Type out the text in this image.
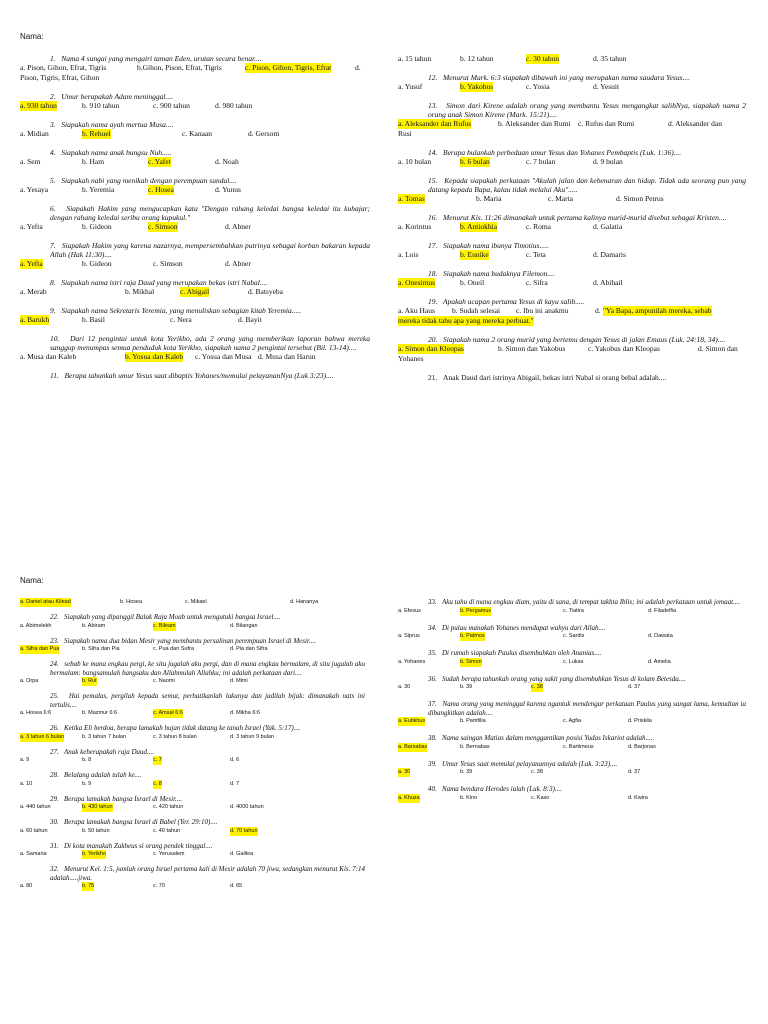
Nama:
1.   Nama 4 sungai yang mengairi taman Eden, urutan secara benar....
a. Pison, Gihon, Efrat, Tigris	b.Gihon, Pison, Efrat, Tigris	c. Pison, Gihon, Tigris, Efrat	d.
Pison, Tigris, Efrat, Gihon
2.   Umur berapakah Adam meninggal....
a. 930 tahun	b. 910 tahun	c. 900 tahun	d. 980 tahun
3.   Siapakah nama ayah mertua Musa....
a. Midian	b. Rehuel	c. Kanaan	d. Gersom
4.   Siapakah nama anak bungsu Nuh.....
a. Sem	b. Ham	c. Yafet	d. Noah
5.   Siapakah nabi yang menikah dengan perempuan sundal....
a. Yesaya	b. Yeremia	c. Hosea	d. Yunus
6.   Siapakah Hakim yang mengucapkan kata "Dengan rahang keledai bangsa keledai itu kuhajar; dengan rahang keledai seribu orang kupukul."
a. Yefta	b. Gideon	c. Simson	d. Abner
7.   Siapakah Hakim yang karena nazarnya, mempersembahkan putrinya sebagai korban bakaran kepada Allah (Hak 11:30)....
a. Yefta	b. Gideon	c. Simson	d. Abner
8.   Siapakah nama istri raja Daud yang merupakan bekas istri Nabal....
a. Merab	b. Mikhal	c. Abigail	d. Batsyeba
9.   Siapakah nama Sekretaris Yeremia, yang menuliskan sebagian kitab Yeremia.....
a. Barukh	b. Basil	c. Nera	d. Bayit
10.   Dari 12 pengintai untuk kota Yerikho, ada 2 orang yang memberikan laporan bahwa mereka sanggup menumpas semua penduduk kota Yerikho, siapakah nama 2 pengintai tersebut (Bil. 13-14)....
a. Musa dan Kaleb	b. Yosua dan Kaleb c. Yosua dan Musa d. Musa dan Harun
11.   Berapa tahunkah umur Yesus saat dibaptis Yohanes/memulai pelayananNya (Luk 3:23)....
a. 15 tahun	b. 12 tahun	c. 30 tahun	d. 35 tahun
12.   Menurut Mark. 6:3 siapakah dibawah ini yang merupakan nama saudara Yesus....
a. Yusuf	b. Yakobus	c. Yosia	d. Yesuit
13.   Simon dari Kirene adalah orang yang membantu Yesus mengangkat salibNya, siapakah nama 2 orang anak Simon Kirene (Mark. 15:21)....
a. Aleksander dan Rufus	b. Aleksander dan Rumi c. Rufus dan Rumi	d. Aleksander dan
Rusi
14.   Berapa bulankah perbedaan umur Yesus dan Yohanes Pembaptis (Luk. 1:36)....
a. 10 bulan	b. 6 bulan	c. 7 bulan	d. 9 bulan
15.   Kepada siapakah perkataan "Akulah jalan dan kebenaran dan hidup. Tidak ada seorang pun yang datang kepada Bapa, kalau tidak melalui Aku".....
a. Tomas	b. Maria	c. Marta	d. Simon Petrus
16.   Menurut Kis. 11:26 dimanakah untuk pertama kalinya murid-murid disebut sebagai Kristen....
a. Korintus	b. Antiokhia	c. Roma	d. Galatia
17.   Siapakah nama ibunya Timotius.....
a. Lois	b. Eunike	c. Teta	d. Damaris
18.   Siapakah nama budaknya Filemon....
a. Onesimus	b. Oneil	c. Sifra	d. Abihail
19.   Apakah ucapan pertama Yesus di kayu salib.....
a. Aku Haus b. Sudah selesai c. Ibu ini anakmu	d. "Ya Bapa, ampunilah mereka, sebab
mereka tidak tahu apa yang mereka perbuat."
20.   Siapakah nama 2 orang murid yang bertemu dengan Yesus di jalan Emaus (Luk. 24:18, 34)....
a. Simon dan Kleopas	b. Simon dan Yakobus	c. Yakobus dan Kleopas	d. Simon dan
Yohanes
21.   Anak Daud dari istrinya Abigail, bekas istri Nabal si orang bebal adalah....
Nama:
a. Daniel atau Kilead	b. Hosea	c. Mikael	d. Hananya
22.   Siapakah yang dipanggil Balak Raja Moab untuk mengutuki bangsa Israel....
a. Abimelekh	b. Abiram	c. Bileam	d. Bilangan
23.   Siapakah nama dua bidan Mesir yang membantu persalinan perempuan Israel di Mesir....
a. Sifra dan Pua	b. Sifra dan Pia	c. Pua dan Sufra	d. Pia dan Sifra
24.   sebab ke mana engkau pergi, ke situ jugalah aku pergi, dan di mana engkau bermalam, di situ jugalah aku bermalam: bangsamulah bangsaku dan Allahmulah Allahku; ini adalah perkataan dari....
a. Orpa	b. Rut	c. Naomi	d. Mimi
25.   Hai pemalas, pergilah kepada semut, perhatikanlah lakunya dan jadilah bijak: dimanakah nats ini tertulis....
a. Hosea 6:6	b. Mazmur 6:6	c. Amsal 6:6	d. Mikha 6:6
26.   Ketika Eli berdoa, berapa lamakah hujan tidak datang ke tanah Israel (Yak. 5:17)....
a. 3 tahun 6 bulan	b. 3 tahun 7 bulan	c. 3 tahun 8 bulan	d. 3 tahun 9 bulan
27.   Anak keberapakah raja Daud....
a. 9	b. 8	c. 7	d. 6
28.   Belalang adalah tulah ke....
a. 10	b. 9	c. 8	d. 7
29.   Berapa lamakah bangsa Israel di Mesir....
a. 440 tahun	b. 430 tahun	c. 420 tahun	d. 4000 tahun
30.   Berapa lamakah bangsa Israel di Babel (Yer. 29:10)....
a. 60 tahun	b. 50 tahun	c. 40 tahun	d. 70 tahun
31.   Di kota manakah Zakheus si orang pendek tinggal....
a. Samaria	b. Yerikho	c. Yerusalem	d. Galilea
32.   Menurut Kel. 1:5, jumlah orang Israel pertama kali di Mesir adalah 70 jiwa, sedangkan menurut Kis. 7:14 adalah.....jiwa.
a. 80	b. 75	c. 70	d. 65
33.   Aku tahu di mana engkau diam, yaitu di sana, di tempat takhta Iblis; ini adalah perkataan untuk jemaat....
a. Efesus	b. Pergamus	c. Tiatira	d. Filadelfia
34.   Di pulau manakah Yohanes mendapat wahyu dari Allah....
a. Siprus	b. Patmos	c. Sardis	d. Dawata
35.   Di rumah siapakah Paulus disembuhkan oleh Ananias....
a. Yohanes	b. Simon	c. Lukas	d. Amelia
36.   Sudah berapa tahunkah orang yang sakit yang disembuhkan Yesus di kolam Betesda....
a. 30	b. 39	c. 38	d. 37
37.   Nama orang yang meninggal karena ngantuk mendengar perkataan Paulus yang sangat lama, kemudian ia dibangkitkan adalah....
a. Eutikhus	b. Pamfilia	c. Agfia	d. Priskila
38.   Nama saingan Matias dalam menggantikan posisi Yudas Iskariot adalah.....
a. Barsabas	b. Bernabas	c. Bartimeus	d. Barjonas
39.   Umur Yesus saat memulai pelayanannya adalah (Luk. 3:23)....
a. 30	b. 39	c. 38	d. 37
40.   Nama bendara Herodes ialah (Luk. 8:3)....
a. Khuza	b. Kino	c. Kaso	d. Kwira
